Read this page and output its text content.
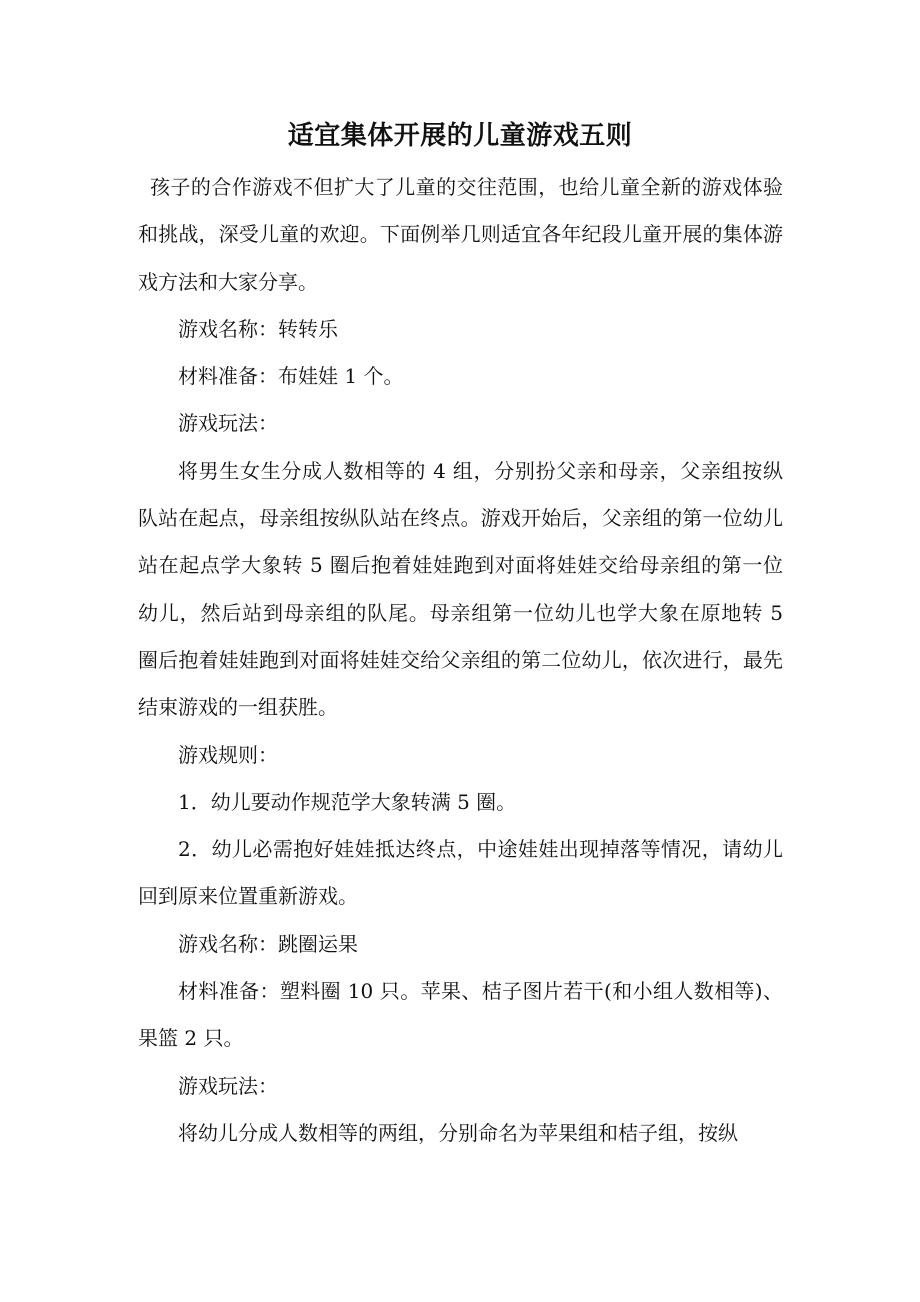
适宜集体开展的儿童游戏五则

孩子的合作游戏不但扩大了儿童的交往范围，也给儿童全新的游戏体验和挑战，深受儿童的欢迎。下面例举几则适宜各年纪段儿童开展的集体游戏方法和大家分享。

游戏名称：转转乐

材料准备：布娃娃 1 个。

游戏玩法：

将男生女生分成人数相等的 4 组，分别扮父亲和母亲，父亲组按纵队站在起点，母亲组按纵队站在终点。游戏开始后，父亲组的第一位幼儿站在起点学大象转 5 圈后抱着娃娃跑到对面将娃娃交给母亲组的第一位幼儿，然后站到母亲组的队尾。母亲组第一位幼儿也学大象在原地转 5 圈后抱着娃娃跑到对面将娃娃交给父亲组的第二位幼儿，依次进行，最先结束游戏的一组获胜。

游戏规则：

1．幼儿要动作规范学大象转满 5 圈。

2．幼儿必需抱好娃娃抵达终点，中途娃娃出现掉落等情况，请幼儿回到原来位置重新游戏。

游戏名称：跳圈运果

材料准备：塑料圈 10 只。苹果、桔子图片若干(和小组人数相等)、果篮 2 只。

游戏玩法：

将幼儿分成人数相等的两组，分别命名为苹果组和桔子组，按纵
